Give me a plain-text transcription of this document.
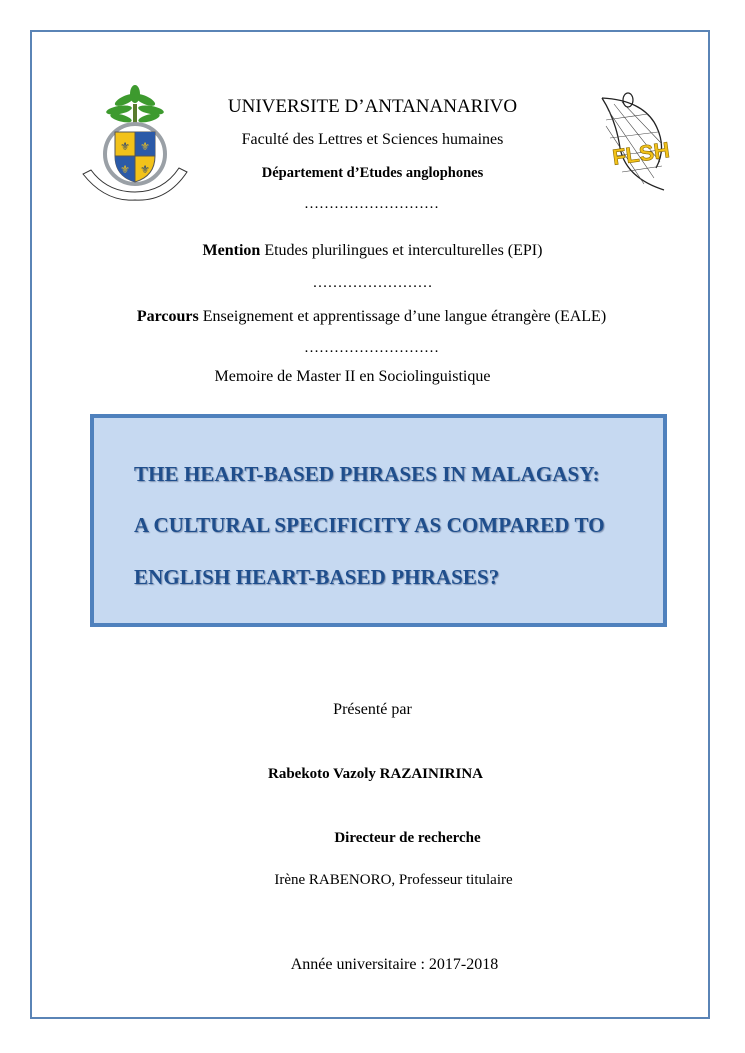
⚜ ⚜
⚜ ⚜	FLSH
UNIVERSITE D’ANTANANARIVO
Faculté des Lettres et Sciences humaines
Département d’Etudes anglophones
………………………
Mention Etudes plurilingues et interculturelles (EPI)
……………………
Parcours Enseignement et apprentissage d’une langue étrangère (EALE)
………………………
Memoire de Master II en Sociolinguistique
THE HEART-BASED PHRASES IN MALAGASY:
A CULTURAL SPECIFICITY AS COMPARED TO
ENGLISH HEART-BASED PHRASES?
Présenté par
Rabekoto Vazoly RAZAINIRINA
Directeur de recherche
Irène RABENORO, Professeur titulaire
Année universitaire : 2017-2018
